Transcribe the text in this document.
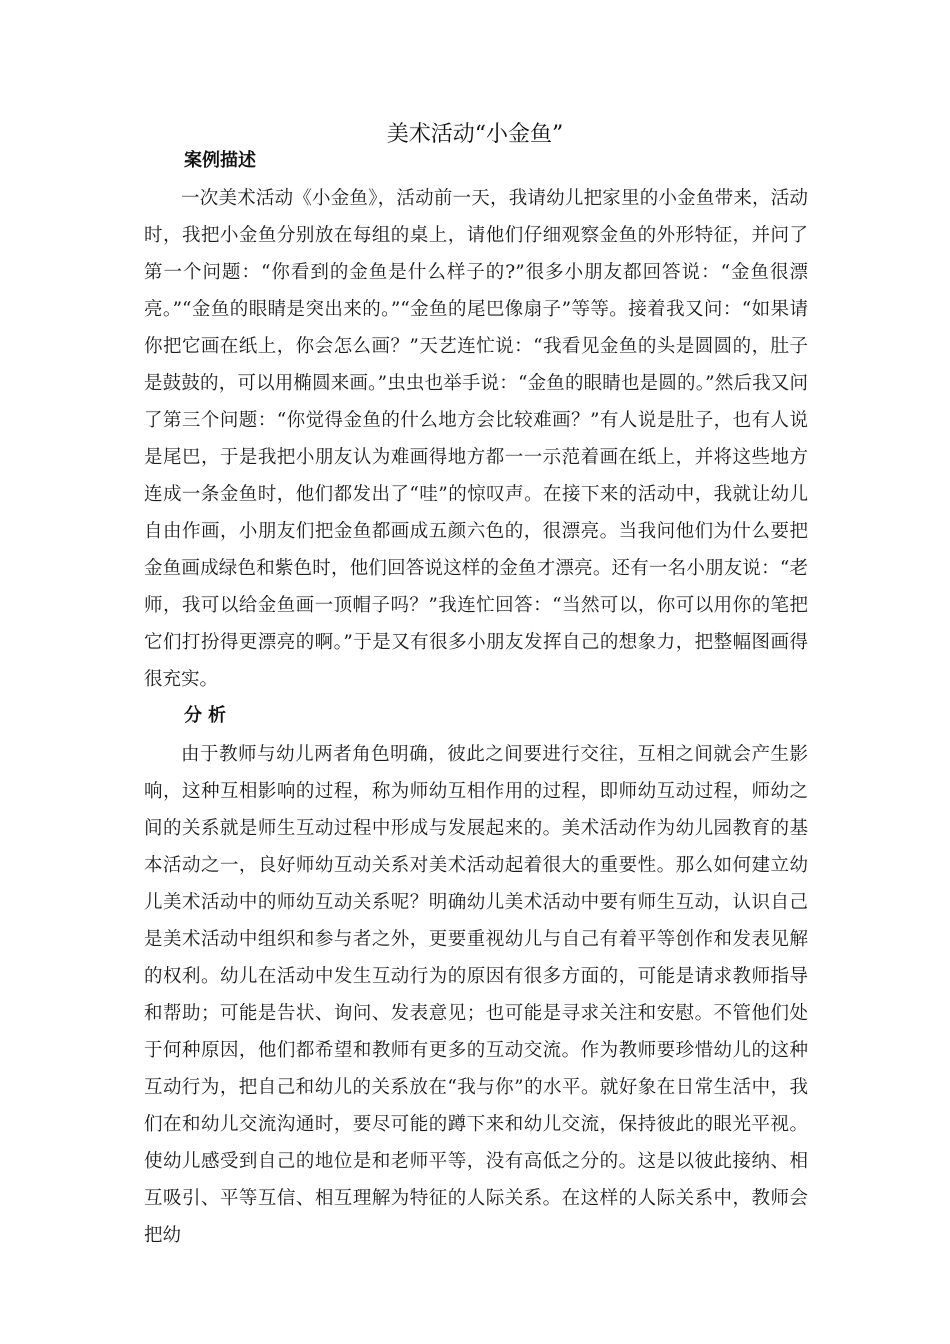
美术活动“小金鱼”
案例描述
一次美术活动《小金鱼》，活动前一天，我请幼儿把家里的小金鱼带来，活动时，我把小金鱼分别放在每组的桌上，请他们仔细观察金鱼的外形特征，并问了第一个问题：“你看到的金鱼是什么样子的?”很多小朋友都回答说：“金鱼很漂亮。”“金鱼的眼睛是突出来的。”“金鱼的尾巴像扇子”等等。接着我又问：“如果请你把它画在纸上，你会怎么画？”天艺连忙说：“我看见金鱼的头是圆圆的，肚子是鼓鼓的，可以用椭圆来画。”虫虫也举手说：“金鱼的眼睛也是圆的。”然后我又问了第三个问题：“你觉得金鱼的什么地方会比较难画？”有人说是肚子，也有人说是尾巴，于是我把小朋友认为难画得地方都一一示范着画在纸上，并将这些地方连成一条金鱼时，他们都发出了“哇”的惊叹声。在接下来的活动中，我就让幼儿自由作画，小朋友们把金鱼都画成五颜六色的，很漂亮。当我问他们为什么要把金鱼画成绿色和紫色时，他们回答说这样的金鱼才漂亮。还有一名小朋友说：“老师，我可以给金鱼画一顶帽子吗？”我连忙回答：“当然可以，你可以用你的笔把它们打扮得更漂亮的啊。”于是又有很多小朋友发挥自己的想象力，把整幅图画得很充实。
分析
由于教师与幼儿两者角色明确，彼此之间要进行交往，互相之间就会产生影响，这种互相影响的过程，称为师幼互相作用的过程，即师幼互动过程，师幼之间的关系就是师生互动过程中形成与发展起来的。美术活动作为幼儿园教育的基本活动之一，良好师幼互动关系对美术活动起着很大的重要性。那么如何建立幼儿美术活动中的师幼互动关系呢？明确幼儿美术活动中要有师生互动，认识自己是美术活动中组织和参与者之外，更要重视幼儿与自己有着平等创作和发表见解的权利。幼儿在活动中发生互动行为的原因有很多方面的，可能是请求教师指导和帮助；可能是告状、询问、发表意见；也可能是寻求关注和安慰。不管他们处于何种原因，他们都希望和教师有更多的互动交流。作为教师要珍惜幼儿的这种互动行为，把自己和幼儿的关系放在“我与你”的水平。就好象在日常生活中，我们在和幼儿交流沟通时，要尽可能的蹲下来和幼儿交流，保持彼此的眼光平视。使幼儿感受到自己的地位是和老师平等，没有高低之分的。这是以彼此接纳、相互吸引、平等互信、相互理解为特征的人际关系。在这样的人际关系中，教师会把幼
